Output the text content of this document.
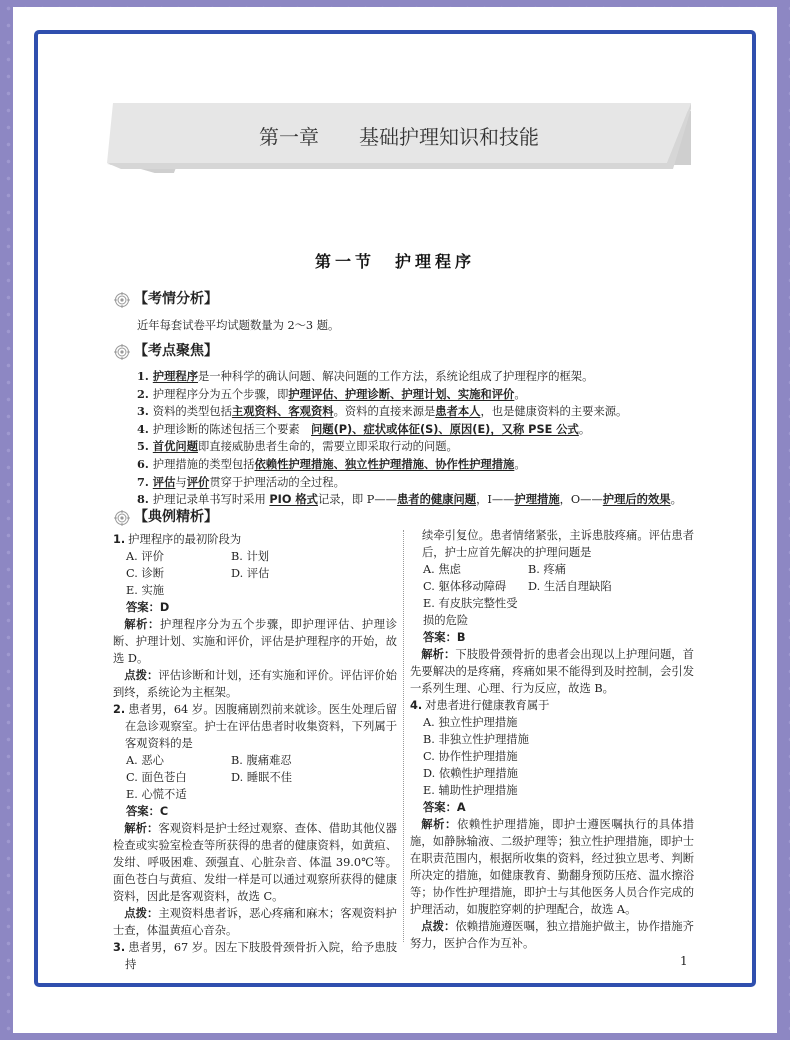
第一章 基础护理知识和技能
第一节　护理程序
【考情分析】
近年每套试卷平均试题数量为 2～3 题。
【考点聚焦】
1. 护理程序是一种科学的确认问题、解决问题的工作方法，系统论组成了护理程序的框架。
2. 护理程序分为五个步骤，即护理评估、护理诊断、护理计划、实施和评价。
3. 资料的类型包括主观资料、客观资料。资料的直接来源是患者本人，也是健康资料的主要来源。
4. 护理诊断的陈述包括三个要素　问题(P)、症状或体征(S)、原因(E)，又称 PSE 公式。
5. 首优问题即直接威胁患者生命的，需要立即采取行动的问题。
6. 护理措施的类型包括依赖性护理措施、独立性护理措施、协作性护理措施。
7. 评估与评价贯穿于护理活动的全过程。
8. 护理记录单书写时采用 PIO 格式记录，即 P——患者的健康问题，I——护理措施，O——护理后的效果。
【典例精析】

1. 护理程序的最初阶段为

A. 评价	B. 计划
C. 诊断	D. 评估
E. 实施
答案：D

解析：护理程序分为五个步骤，即护理评估、护理诊断、护理计划、实施和评价，评估是护理程序的开始，故选 D。

点拨：评估诊断和计划，还有实施和评价。评估评价始到终，系统论为主框架。

2. 患者男，64 岁。因腹痛剧烈前来就诊。医生处理后留在急诊观察室。护士在评估患者时收集资料，下列属于客观资料的是

A. 恶心	B. 腹痛难忍
C. 面色苍白	D. 睡眠不佳
E. 心慌不适
答案：C

解析：客观资料是护士经过观察、查体、借助其他仪器检查或实验室检查等所获得的患者的健康资料，如黄疸、发绀、呼吸困难、颈强直、心脏杂音、体温 39.0℃等。面色苍白与黄疸、发绀一样是可以通过观察所获得的健康资料，因此是客观资料，故选 C。

点拨：主观资料患者诉，恶心疼痛和麻木；客观资料护士查，体温黄疸心音杂。

3. 患者男，67 岁。因左下肢股骨颈骨折入院，给予患肢持

续牵引复位。患者情绪紧张，主诉患肢疼痛。评估患者后，护士应首先解决的护理问题是

A. 焦虑	B. 疼痛
C. 躯体移动障碍	D. 生活自理缺陷
E. 有皮肤完整性受损的危险
答案：B

解析：下肢股骨颈骨折的患者会出现以上护理问题，首先要解决的是疼痛，疼痛如果不能得到及时控制，会引发一系列生理、心理、行为反应，故选 B。

4. 对患者进行健康教育属于

A. 独立性护理措施
B. 非独立性护理措施
C. 协作性护理措施
D. 依赖性护理措施
E. 辅助性护理措施
答案：A

解析：依赖性护理措施，即护士遵医嘱执行的具体措施，如静脉输液、二级护理等；独立性护理措施，即护士在职责范围内，根据所收集的资料，经过独立思考、判断所决定的措施，如健康教育、勤翻身预防压疮、温水擦浴等；协作性护理措施，即护士与其他医务人员合作完成的护理活动，如腹腔穿刺的护理配合，故选 A。

点拨：依赖措施遵医嘱，独立措施护做主，协作措施齐努力，医护合作为互补。

1
